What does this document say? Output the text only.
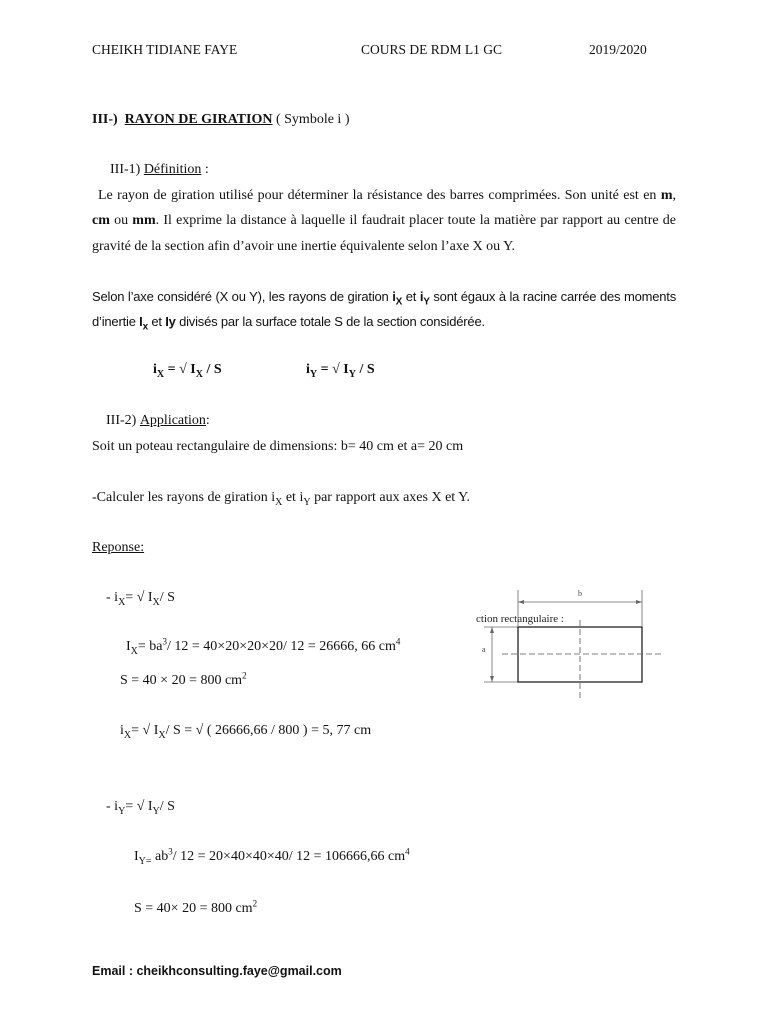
CHEIKH TIDIANE FAYE	COURS DE RDM L1 GC	2019/2020
III-) RAYON DE GIRATION ( Symbole i )
III-1) Définition :
Le rayon de giration utilisé pour déterminer la résistance des barres comprimées. Son unité est en m, cm ou mm. Il exprime la distance à laquelle il faudrait placer toute la matière par rapport au centre de gravité de la section afin d’avoir une inertie équivalente selon l’axe X ou Y.
Selon l’axe considéré (X ou Y), les rayons de giration $i_X$ et $i_Y$ sont égaux à la racine carrée des moments d’inertie $I_x$ et Iy divisés par la surface totale S de la section considérée.
$i_X$ = √ $I_X$ / S	$i_Y$ = √ $I_Y$ / S
III-2) Application:
Soit un poteau rectangulaire de dimensions: b= 40 cm et a= 20 cm
-Calculer les rayons de giration $i_X$ et $i_Y$ par rapport aux axes X et Y.
Reponse:
- $i_X=$ √ $I_X/$ S
$I_X= ba^3/$ 12 = 40×20×20×20/ 12 = 26666, 66 $cm^4$
S = 40 × 20 = 800 $cm^2$
$i_X=$ √ $I_X/$ S = √ ( 26666,66 / 800 ) = 5, 77 cm
- $i_Y=$ √ $I_Y/$ S
$I_{Y=}$ $ab^3/$ 12 = 20×40×40×40/ 12 = 106666,66 $cm^4$
S = 40× 20 = 800 $cm^2$
b
ction rectangulaire :
a
Email : cheikhconsulting.faye@gmail.com
